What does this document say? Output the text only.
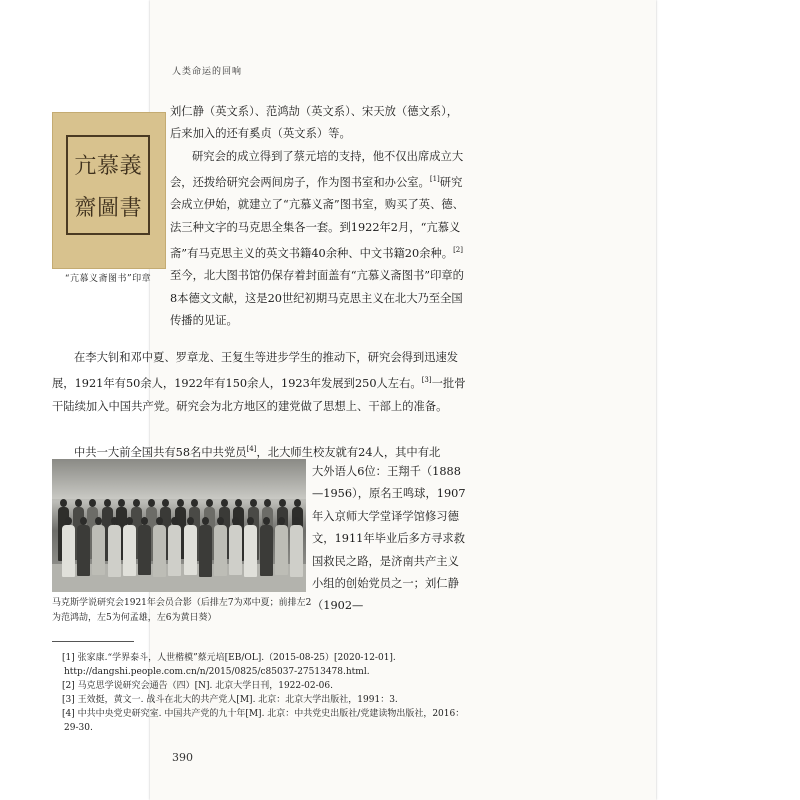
人类命运的回响
亢 慕 義
齋 圖 書
“亢慕义斋图书”印章
刘仁静（英文系）、范鸿劼（英文系）、宋天放（德文系），后来加入的还有奚贞（英文系）等。
研究会的成立得到了蔡元培的支持，他不仅出席成立大会，还拨给研究会两间房子，作为图书室和办公室。[1]研究会成立伊始，就建立了“亢慕义斋”图书室，购买了英、德、法三种文字的马克思全集各一套。到1922年2月，“亢慕义斋”有马克思主义的英文书籍40余种、中文书籍20余种。[2]至今，北大图书馆仍保存着封面盖有“亢慕义斋图书”印章的8本德文文献，这是20世纪初期马克思主义在北大乃至全国传播的见证。
在李大钊和邓中夏、罗章龙、王复生等进步学生的推动下，研究会得到迅速发展，1921年有50余人，1922年有150余人，1923年发展到250人左右。[3]一批骨干陆续加入中国共产党。研究会为北方地区的建党做了思想上、干部上的准备。
中共一大前全国共有58名中共党员[4]，北大师生校友就有24人，其中有北
大外语人6位：王翔千（1888—1956），原名王鸣球，1907年入京师大学堂译学馆修习德文，1911年毕业后多方寻求救国救民之路，是济南共产主义小组的创始党员之一；刘仁静（1902—
马克斯学说研究会1921年会员合影（后排左7为邓中夏；前排左2为范鸿劼，左5为何孟雄，左6为黄日葵）
[1] 张家康.“学界泰斗，人世楷模”蔡元培[EB/OL].（2015-08-25）[2020-12-01]. http://dangshi.people.com.cn/n/2015/0825/c85037-27513478.html.
[2] 马克思学说研究会通告（四）[N]. 北京大学日刊，1922-02-06.
[3] 王效挺，黄文一. 战斗在北大的共产党人[M]. 北京：北京大学出版社，1991：3.
[4] 中共中央党史研究室. 中国共产党的九十年[M]. 北京：中共党史出版社/党建读物出版社，2016：29-30.
390
